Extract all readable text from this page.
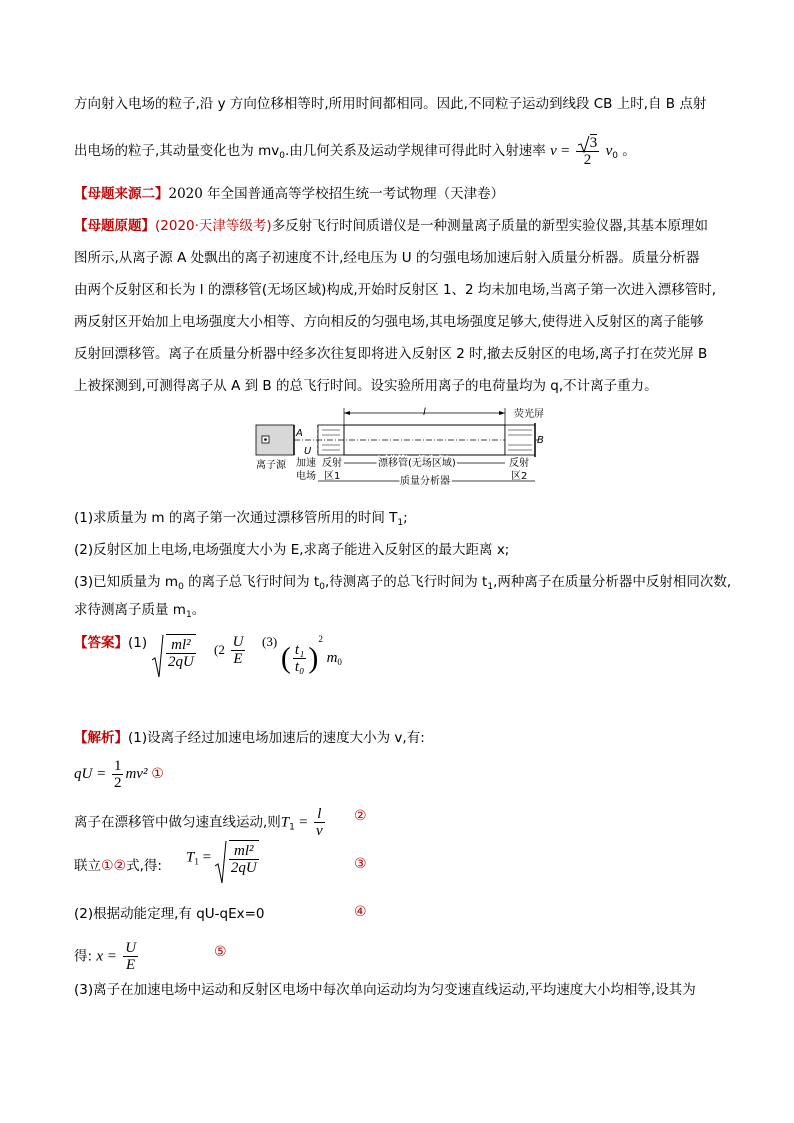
方向射入电场的粒子,沿 y 方向位移相等时,所用时间都相同。因此,不同粒子运动到线段 CB 上时,自 B 点射
出电场的粒子,其动量变化也为 $mv_0$.由几何关系及运动学规律可得此时入射速率 $v = \frac{3}{2} v_0$ 。
【母题来源二】2020 年全国普通高等学校招生统一考试物理（天津卷）
【母题原题】(2020·天津等级考)多反射飞行时间质谱仪是一种测量离子质量的新型实验仪器,其基本原理如
图所示,从离子源 A 处飘出的离子初速度不计,经电压为 U 的匀强电场加速后射入质量分析器。质量分析器
由两个反射区和长为 l 的漂移管(无场区域)构成,开始时反射区 1、2 均未加电场,当离子第一次进入漂移管时,
两反射区开始加上电场强度大小相等、方向相反的匀强电场,其电场强度足够大,使得进入反射区的离子能够
反射回漂移管。离子在质量分析器中经多次往复即将进入反射区 2 时,撤去反射区的电场,离子打在荧光屏 B
上被探测到,可测得离子从 A 到 B 的总飞行时间。设实验所用离子的电荷量均为 q,不计离子重力。
l	荧光屏
A
U
B
离子源 加速
电场
反射
区1
漂移管(无场区域)	反射
区2
质量分析器
(1)求质量为 m 的离子第一次通过漂移管所用的时间 $T_1$;
(2)反射区加上电场,电场强度大小为 E,求离子能进入反射区的最大距离 x;
(3)已知质量为 $m_0$ 的离子总飞行时间为 $t_0$,待测离子的总飞行时间为 $t_1$,两种离子在质量分析器中反射相同次数,
求待测离子质量 $m_1$。
【答案】$(1) \frac{\text{ml²}}{2qU} (2 \frac{U}{E} (3)$ ( $\frac{\text{t₁}}{\text{t₀}} )^2$ $m_0$
【解析】(1)设离子经过加速电场加速后的速度大小为 v,有:
qU = $\frac{1}{2} mv^2$ ①
离子在漂移管中做匀速直线运动,则$T_1 = \frac{l}{v}$ ②
联立①②式,得:
$T_1 = \frac{\text{ml²}}{2qU}$	③
(2)根据动能定理,有 qU-qEx=0	④
得: $x = \frac{U}{E}$	⑤
(3)离子在加速电场中运动和反射区电场中每次单向运动均为匀变速直线运动,平均速度大小均相等,设其为
